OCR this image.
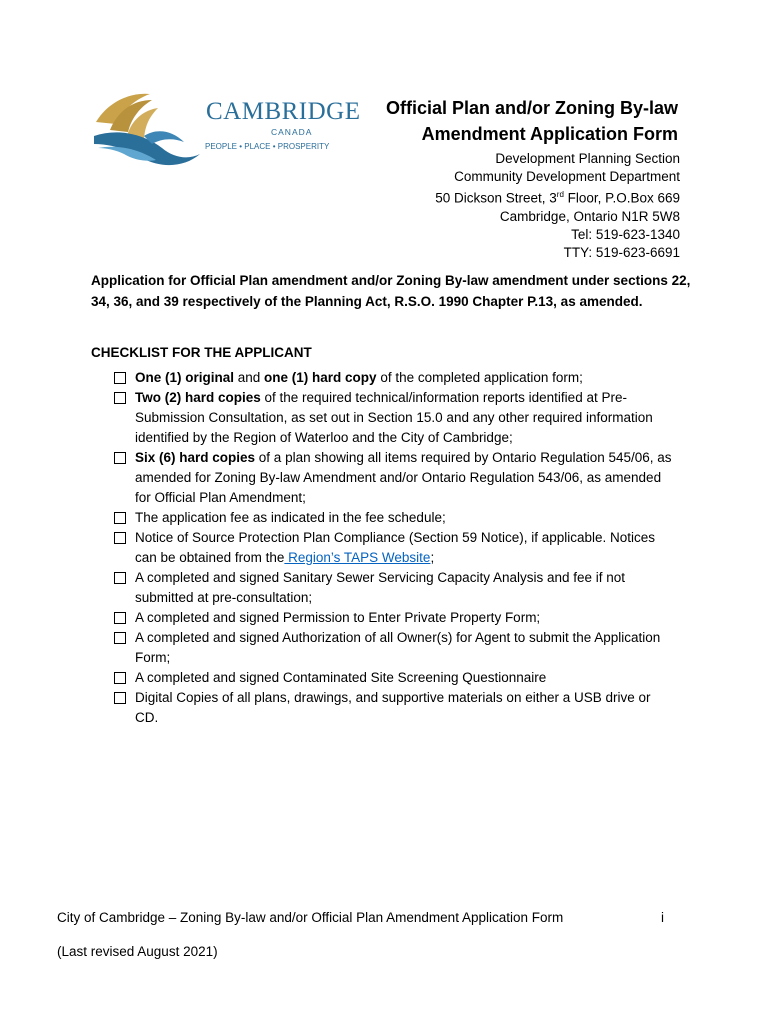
CAMBRIDGE
CANADA
PEOPLE • PLACE • PROSPERITY
Official Plan and/or Zoning By-law
Amendment Application Form
Development Planning Section
Community Development Department
50 Dickson Street, 3rd Floor, P.O.Box 669
Cambridge, Ontario N1R 5W8
Tel: 519-623-1340
TTY: 519-623-6691
Application for Official Plan amendment and/or Zoning By-law amendment under sections 22, 34, 36, and 39 respectively of the Planning Act, R.S.O. 1990 Chapter P.13, as amended.
CHECKLIST FOR THE APPLICANT
One (1) original and one (1) hard copy of the completed application form;
Two (2) hard copies of the required technical/information reports identified at Pre-Submission Consultation, as set out in Section 15.0 and any other required information identified by the Region of Waterloo and the City of Cambridge;
Six (6) hard copies of a plan showing all items required by Ontario Regulation 545/06, as amended for Zoning By-law Amendment and/or Ontario Regulation 543/06, as amended for Official Plan Amendment;
The application fee as indicated in the fee schedule;
Notice of Source Protection Plan Compliance (Section 59 Notice), if applicable. Notices can be obtained from the Region’s TAPS Website;
A completed and signed Sanitary Sewer Servicing Capacity Analysis and fee if not submitted at pre-consultation;
A completed and signed Permission to Enter Private Property Form;
A completed and signed Authorization of all Owner(s) for Agent to submit the Application Form;
A completed and signed Contaminated Site Screening Questionnaire
Digital Copies of all plans, drawings, and supportive materials on either a USB drive or CD.
City of Cambridge – Zoning By-law and/or Official Plan Amendment Application Form	i
(Last revised August 2021)
